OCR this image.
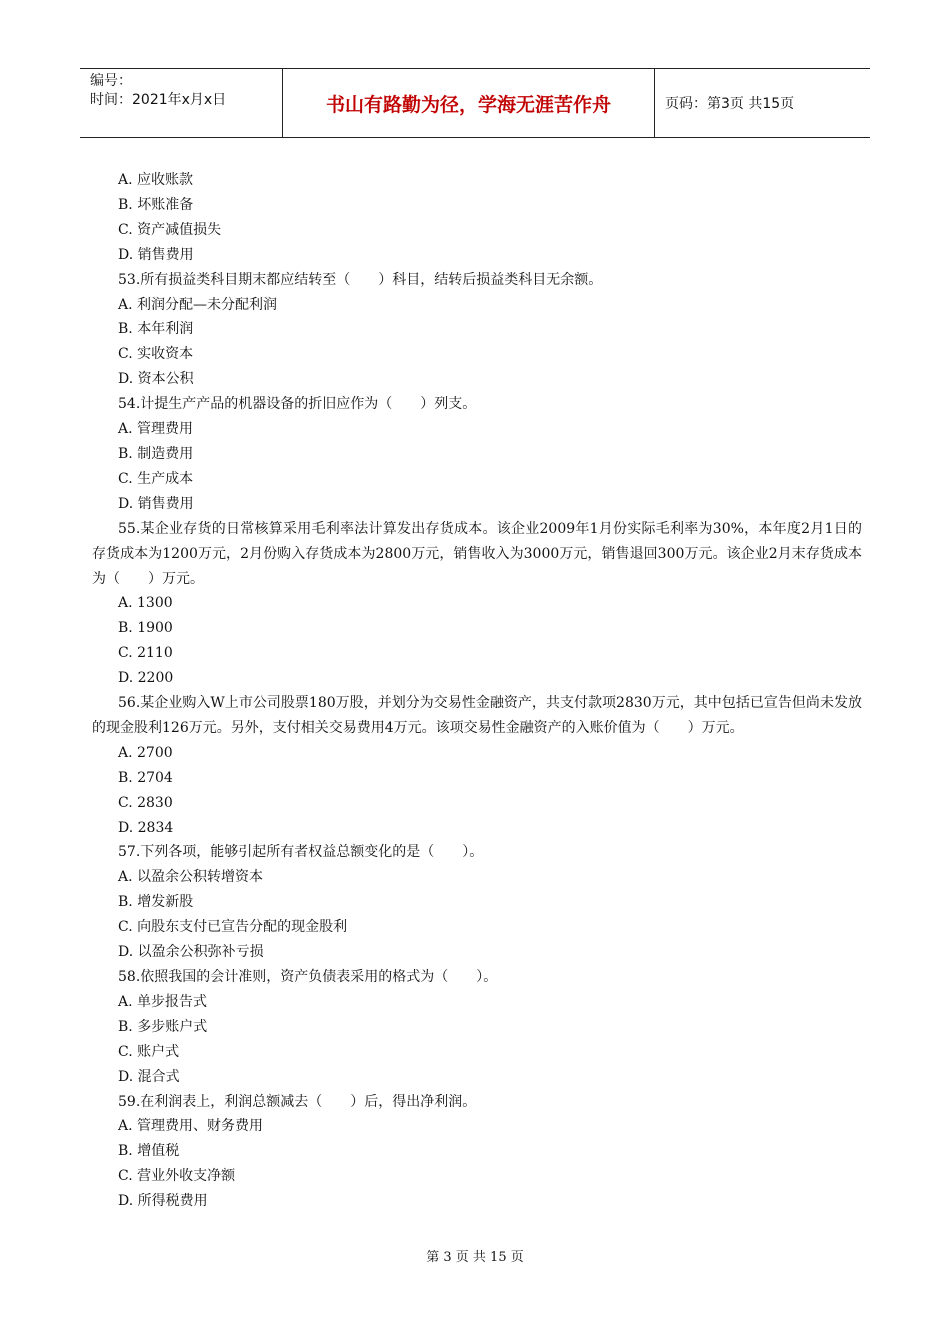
编号：
时间：2021年x月x日	书山有路勤为径，学海无涯苦作舟	页码：第3页 共15页
A. 应收账款
B. 坏账准备
C. 资产减值损失
D. 销售费用
53.所有损益类科目期末都应结转至（　　）科目，结转后损益类科目无余额。
A. 利润分配—未分配利润
B. 本年利润
C. 实收资本
D. 资本公积
54.计提生产产品的机器设备的折旧应作为（　　）列支。
A. 管理费用
B. 制造费用
C. 生产成本
D. 销售费用
55.某企业存货的日常核算采用毛利率法计算发出存货成本。该企业2009年1月份实际毛利率为30%，本年度2月1日的存货成本为1200万元，2月份购入存货成本为2800万元，销售收入为3000万元，销售退回300万元。该企业2月末存货成本为（　　）万元。
A. 1300
B. 1900
C. 2110
D. 2200
56.某企业购入W上市公司股票180万股，并划分为交易性金融资产，共支付款项2830万元，其中包括已宣告但尚未发放的现金股利126万元。另外，支付相关交易费用4万元。该项交易性金融资产的入账价值为（　　）万元。
A. 2700
B. 2704
C. 2830
D. 2834
57.下列各项，能够引起所有者权益总额变化的是（　　）。
A. 以盈余公积转增资本
B. 增发新股
C. 向股东支付已宣告分配的现金股利
D. 以盈余公积弥补亏损
58.依照我国的会计准则，资产负债表采用的格式为（　　）。
A. 单步报告式
B. 多步账户式
C. 账户式
D. 混合式
59.在利润表上，利润总额减去（　　）后，得出净利润。
A. 管理费用、财务费用
B. 增值税
C. 营业外收支净额
D. 所得税费用
第 3 页 共 15 页
